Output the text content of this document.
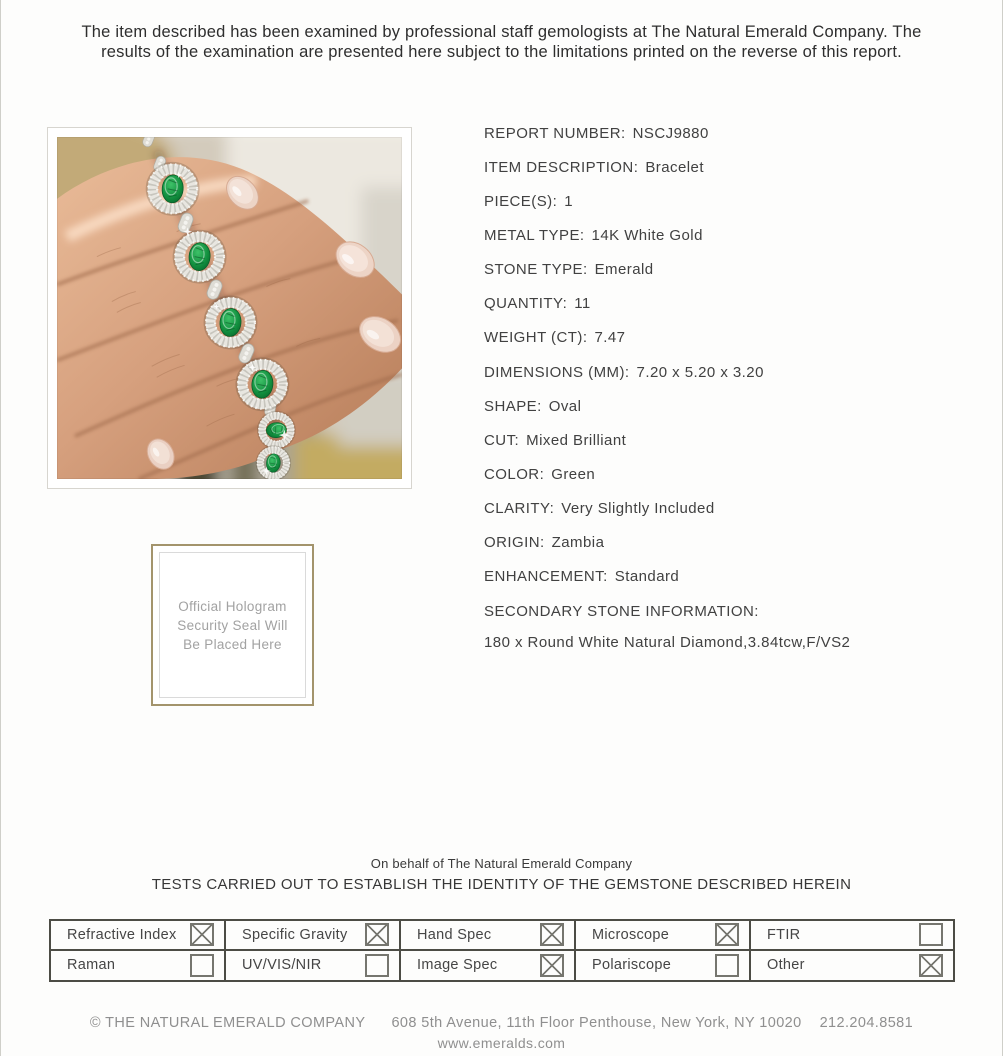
The item described has been examined by professional staff gemologists at The Natural Emerald Company. The
results of the examination are presented here subject to the limitations printed on the reverse of this report.
REPORT NUMBER: NSCJ9880
ITEM DESCRIPTION: Bracelet
PIECE(S): 1
METAL TYPE: 14K White Gold
STONE TYPE: Emerald
QUANTITY: 11
WEIGHT (CT): 7.47
DIMENSIONS (MM): 7.20 x 5.20 x 3.20
SHAPE: Oval
CUT: Mixed Brilliant
COLOR: Green
CLARITY: Very Slightly Included
ORIGIN: Zambia
ENHANCEMENT: Standard
SECONDARY STONE INFORMATION:
180 x Round White Natural Diamond,3.84tcw,F/VS2
Official Hologram
Security Seal Will
Be Placed Here
On behalf of The Natural Emerald Company
TESTS CARRIED OUT TO ESTABLISH THE IDENTITY OF THE GEMSTONE DESCRIBED HEREIN
Refractive Index	Specific Gravity	Hand Spec	Microscope	FTIR
Raman	UV/VIS/NIR	Image Spec	Polariscope	Other
© THE NATURAL EMERALD COMPANY 608 5th Avenue, 11th Floor Penthouse, New York, NY 10020 212.204.8581
www.emeralds.com
